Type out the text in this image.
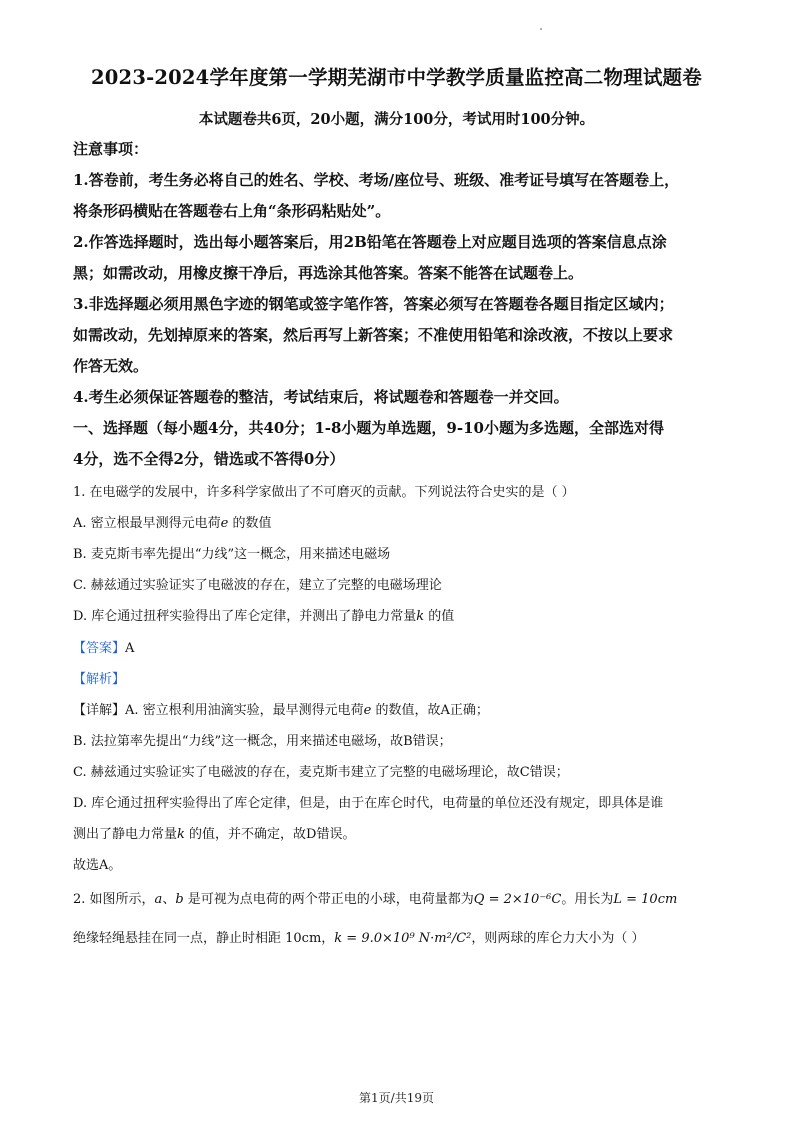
2023-2024学年度第一学期芜湖市中学教学质量监控高二物理试题卷
本试题卷共6页，20小题，满分100分，考试用时100分钟。
注意事项：
1.答卷前，考生务必将自己的姓名、学校、考场/座位号、班级、准考证号填写在答题卷上，
将条形码横贴在答题卷右上角“条形码粘贴处”。
2.作答选择题时，选出每小题答案后，用2B铅笔在答题卷上对应题目选项的答案信息点涂
黑；如需改动，用橡皮擦干净后，再选涂其他答案。答案不能答在试题卷上。
3.非选择题必须用黑色字迹的钢笔或签字笔作答，答案必须写在答题卷各题目指定区域内；
如需改动，先划掉原来的答案，然后再写上新答案；不准使用铅笔和涂改液，不按以上要求
作答无效。
4.考生必须保证答题卷的整洁，考试结束后，将试题卷和答题卷一并交回。
一、选择题（每小题4分，共40分；1-8小题为单选题，9-10小题为多选题，全部选对得
4分，选不全得2分，错选或不答得0分）
1. 在电磁学的发展中，许多科学家做出了不可磨灭的贡献。下列说法符合史实的是（ ）
A. 密立根最早测得元电荷e 的数值
B. 麦克斯韦率先提出“力线”这一概念，用来描述电磁场
C. 赫兹通过实验证实了电磁波的存在，建立了完整的电磁场理论
D. 库仑通过扭秤实验得出了库仑定律，并测出了静电力常量k 的值
【答案】A
【解析】
【详解】A. 密立根利用油滴实验，最早测得元电荷e 的数值，故A正确；
B. 法拉第率先提出“力线”这一概念，用来描述电磁场，故B错误；
C. 赫兹通过实验证实了电磁波的存在，麦克斯韦建立了完整的电磁场理论，故C错误；
D. 库仑通过扭秤实验得出了库仑定律，但是，由于在库仑时代，电荷量的单位还没有规定，即具体是谁
测出了静电力常量k 的值，并不确定，故D错误。
故选A。
2. 如图所示，a、b 是可视为点电荷的两个带正电的小球，电荷量都为Q = 2×10⁻⁶C。用长为L = 10cm
绝缘轻绳悬挂在同一点，静止时相距 10cm，k = 9.0×10⁹ N·m²/C²，则两球的库仑力大小为（ ）
第1页/共19页
